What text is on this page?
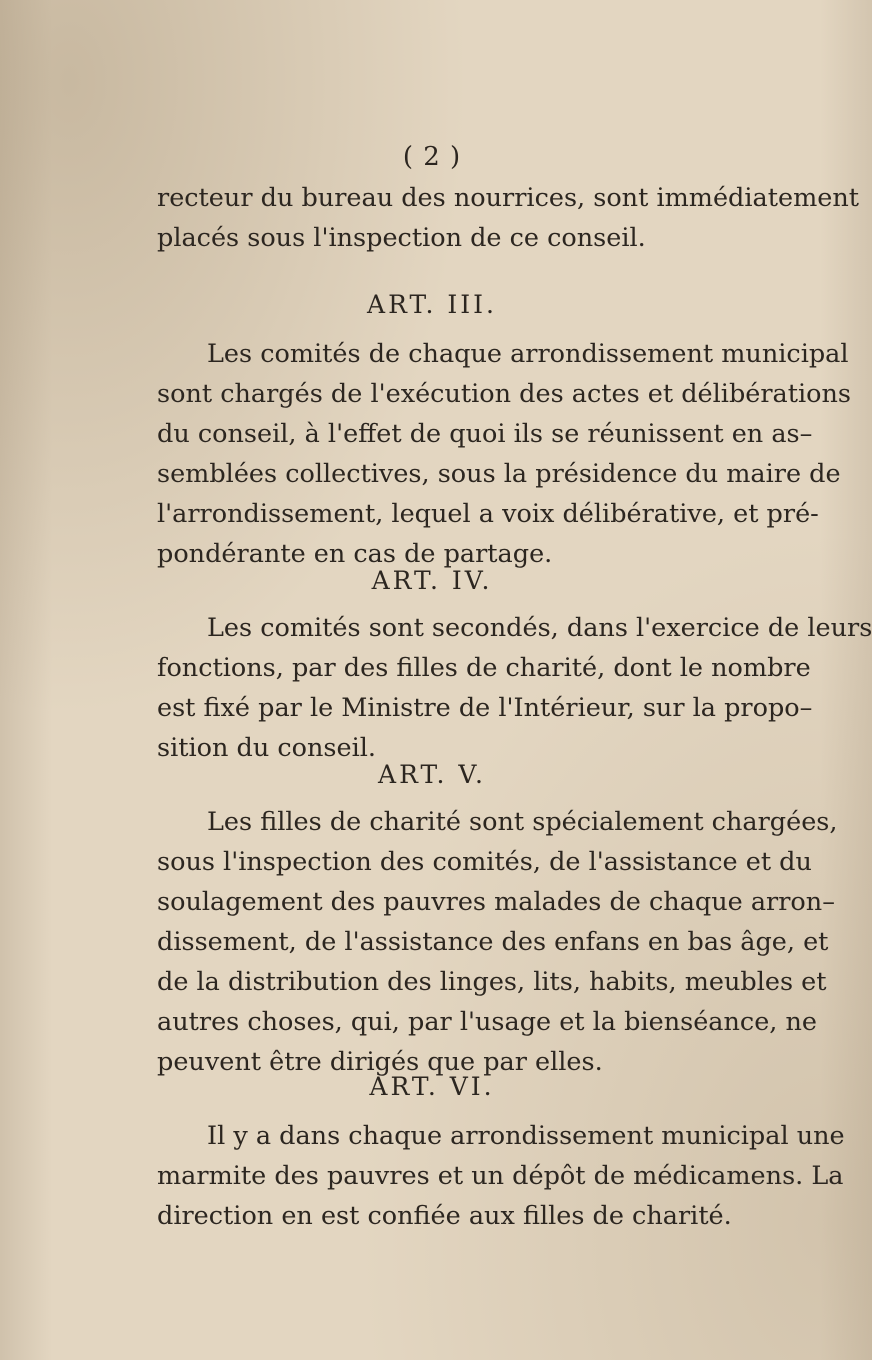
( 2 )
recteur du bureau des nourrices, sont immédiatement
placés sous l'inspection de ce conseil.
ART. III.
Les comités de chaque arrondissement municipal
sont chargés de l'exécution des actes et délibérations
du conseil, à l'effet de quoi ils se réunissent en as–
semblées collectives, sous la présidence du maire de
l'arrondissement, lequel a voix délibérative, et pré-
pondérante en cas de partage.
ART. IV.
Les comités sont secondés, dans l'exercice de leurs
fonctions, par des filles de charité, dont le nombre
est fixé par le Ministre de l'Intérieur, sur la propo–
sition du conseil.
ART. V.
Les filles de charité sont spécialement chargées,
sous l'inspection des comités, de l'assistance et du
soulagement des pauvres malades de chaque arron–
dissement, de l'assistance des enfans en bas âge, et
de la distribution des linges, lits, habits, meubles et
autres choses, qui, par l'usage et la bienséance, ne
peuvent être dirigés que par elles.
ART. VI.
Il y a dans chaque arrondissement municipal une
marmite des pauvres et un dépôt de médicamens. La
direction en est confiée aux filles de charité.
